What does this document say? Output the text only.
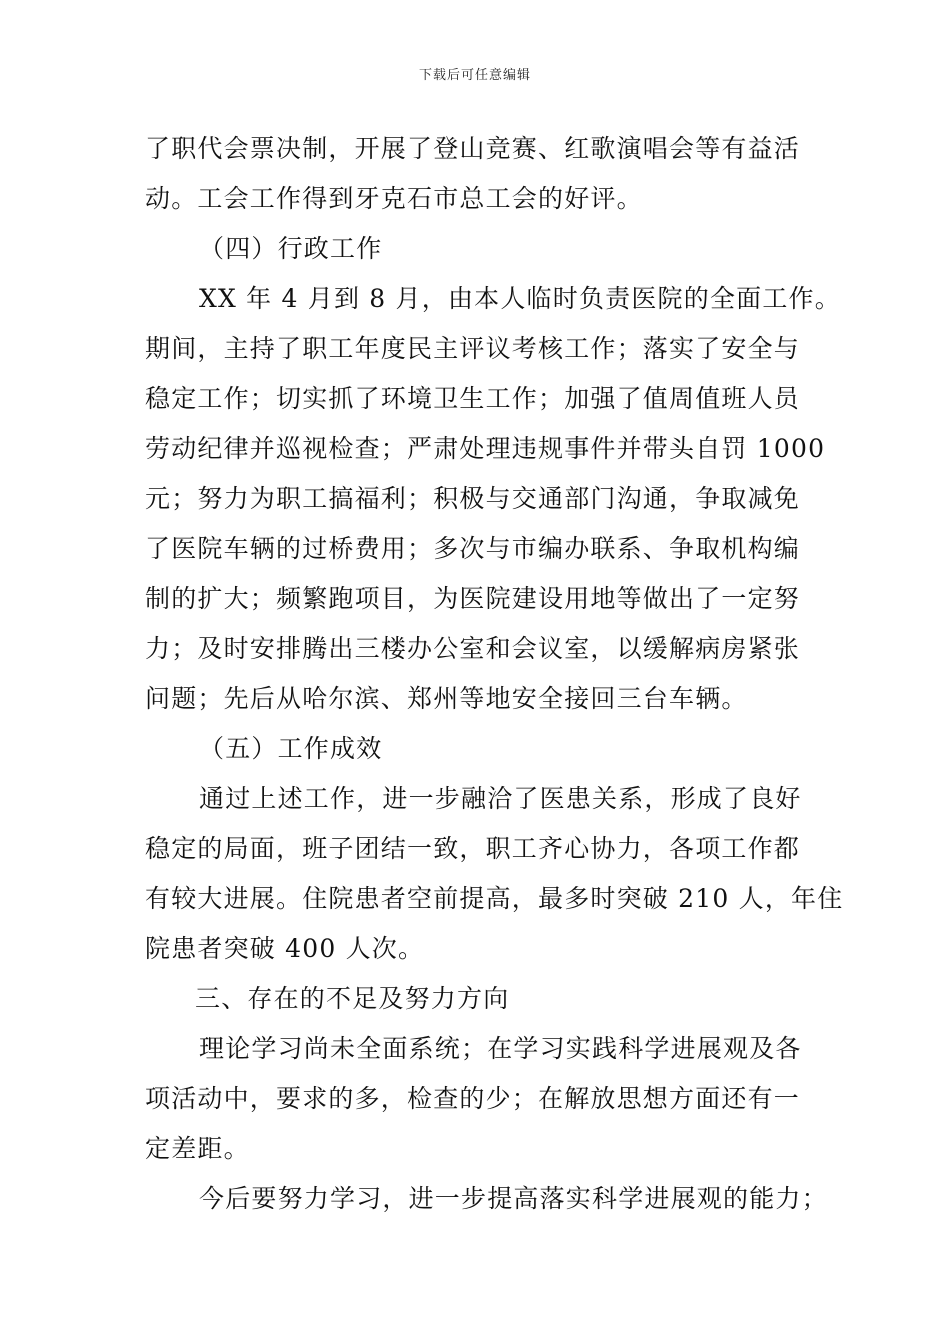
下载后可任意编辑
了职代会票决制，开展了登山竞赛、红歌演唱会等有益活
动。工会工作得到牙克石市总工会的好评。
（四）行政工作
XX 年 4 月到 8 月，由本人临时负责医院的全面工作。
期间，主持了职工年度民主评议考核工作；落实了安全与
稳定工作；切实抓了环境卫生工作；加强了值周值班人员
劳动纪律并巡视检查；严肃处理违规事件并带头自罚 1000
元；努力为职工搞福利；积极与交通部门沟通，争取减免
了医院车辆的过桥费用；多次与市编办联系、争取机构编
制的扩大；频繁跑项目，为医院建设用地等做出了一定努
力；及时安排腾出三楼办公室和会议室，以缓解病房紧张
问题；先后从哈尔滨、郑州等地安全接回三台车辆。
（五）工作成效
通过上述工作，进一步融洽了医患关系，形成了良好
稳定的局面，班子团结一致，职工齐心协力，各项工作都
有较大进展。住院患者空前提高，最多时突破 210 人，年住
院患者突破 400 人次。
三、存在的不足及努力方向
理论学习尚未全面系统；在学习实践科学进展观及各
项活动中，要求的多，检查的少；在解放思想方面还有一
定差距。
今后要努力学习，进一步提高落实科学进展观的能力；
